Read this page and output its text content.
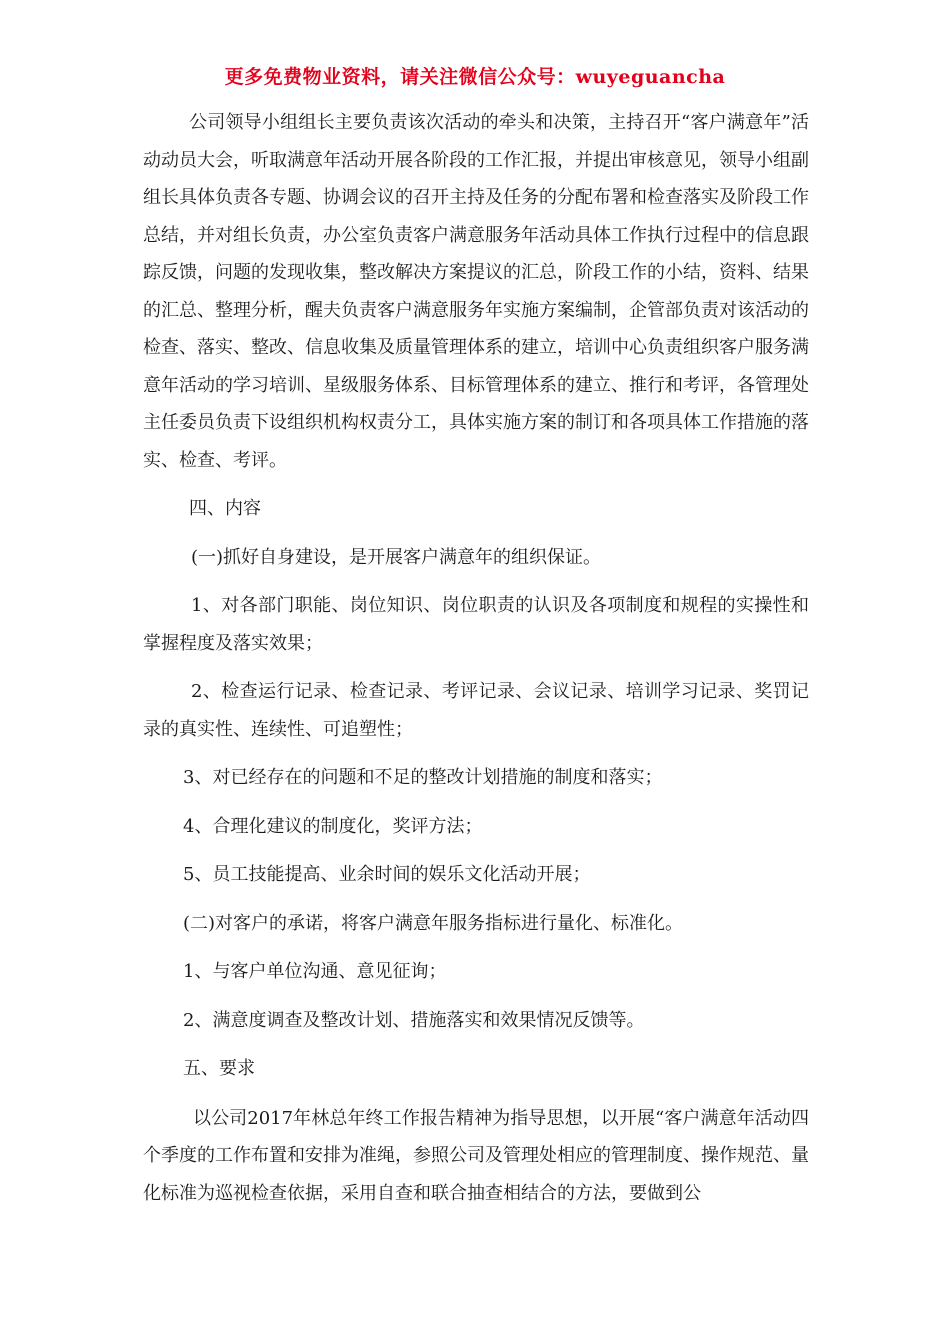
更多免费物业资料，请关注微信公众号：wuyeguancha

公司领导小组组长主要负责该次活动的牵头和决策，主持召开“客户满意年”活动动员大会，听取满意年活动开展各阶段的工作汇报，并提出审核意见，领导小组副组长具体负责各专题、协调会议的召开主持及任务的分配布署和检查落实及阶段工作总结，并对组长负责，办公室负责客户满意服务年活动具体工作执行过程中的信息跟踪反馈，问题的发现收集，整改解决方案提议的汇总，阶段工作的小结，资料、结果的汇总、整理分析，醒夫负责客户满意服务年实施方案编制，企管部负责对该活动的检查、落实、整改、信息收集及质量管理体系的建立，培训中心负责组织客户服务满意年活动的学习培训、星级服务体系、目标管理体系的建立、推行和考评，各管理处主任委员负责下设组织机构权责分工，具体实施方案的制订和各项具体工作措施的落实、检查、考评。

四、内容

(一)抓好自身建设，是开展客户满意年的组织保证。

1、对各部门职能、岗位知识、岗位职责的认识及各项制度和规程的实操性和掌握程度及落实效果；

2、检查运行记录、检查记录、考评记录、会议记录、培训学习记录、奖罚记录的真实性、连续性、可追塑性；

3、对已经存在的问题和不足的整改计划措施的制度和落实；

4、合理化建议的制度化，奖评方法；

5、员工技能提高、业余时间的娱乐文化活动开展；

(二)对客户的承诺，将客户满意年服务指标进行量化、标准化。

1、与客户单位沟通、意见征询；

2、满意度调查及整改计划、措施落实和效果情况反馈等。

五、要求

以公司2017年林总年终工作报告精神为指导思想，以开展“客户满意年活动四个季度的工作布置和安排为准绳，参照公司及管理处相应的管理制度、操作规范、量化标准为巡视检查依据，采用自查和联合抽查相结合的方法，要做到公
